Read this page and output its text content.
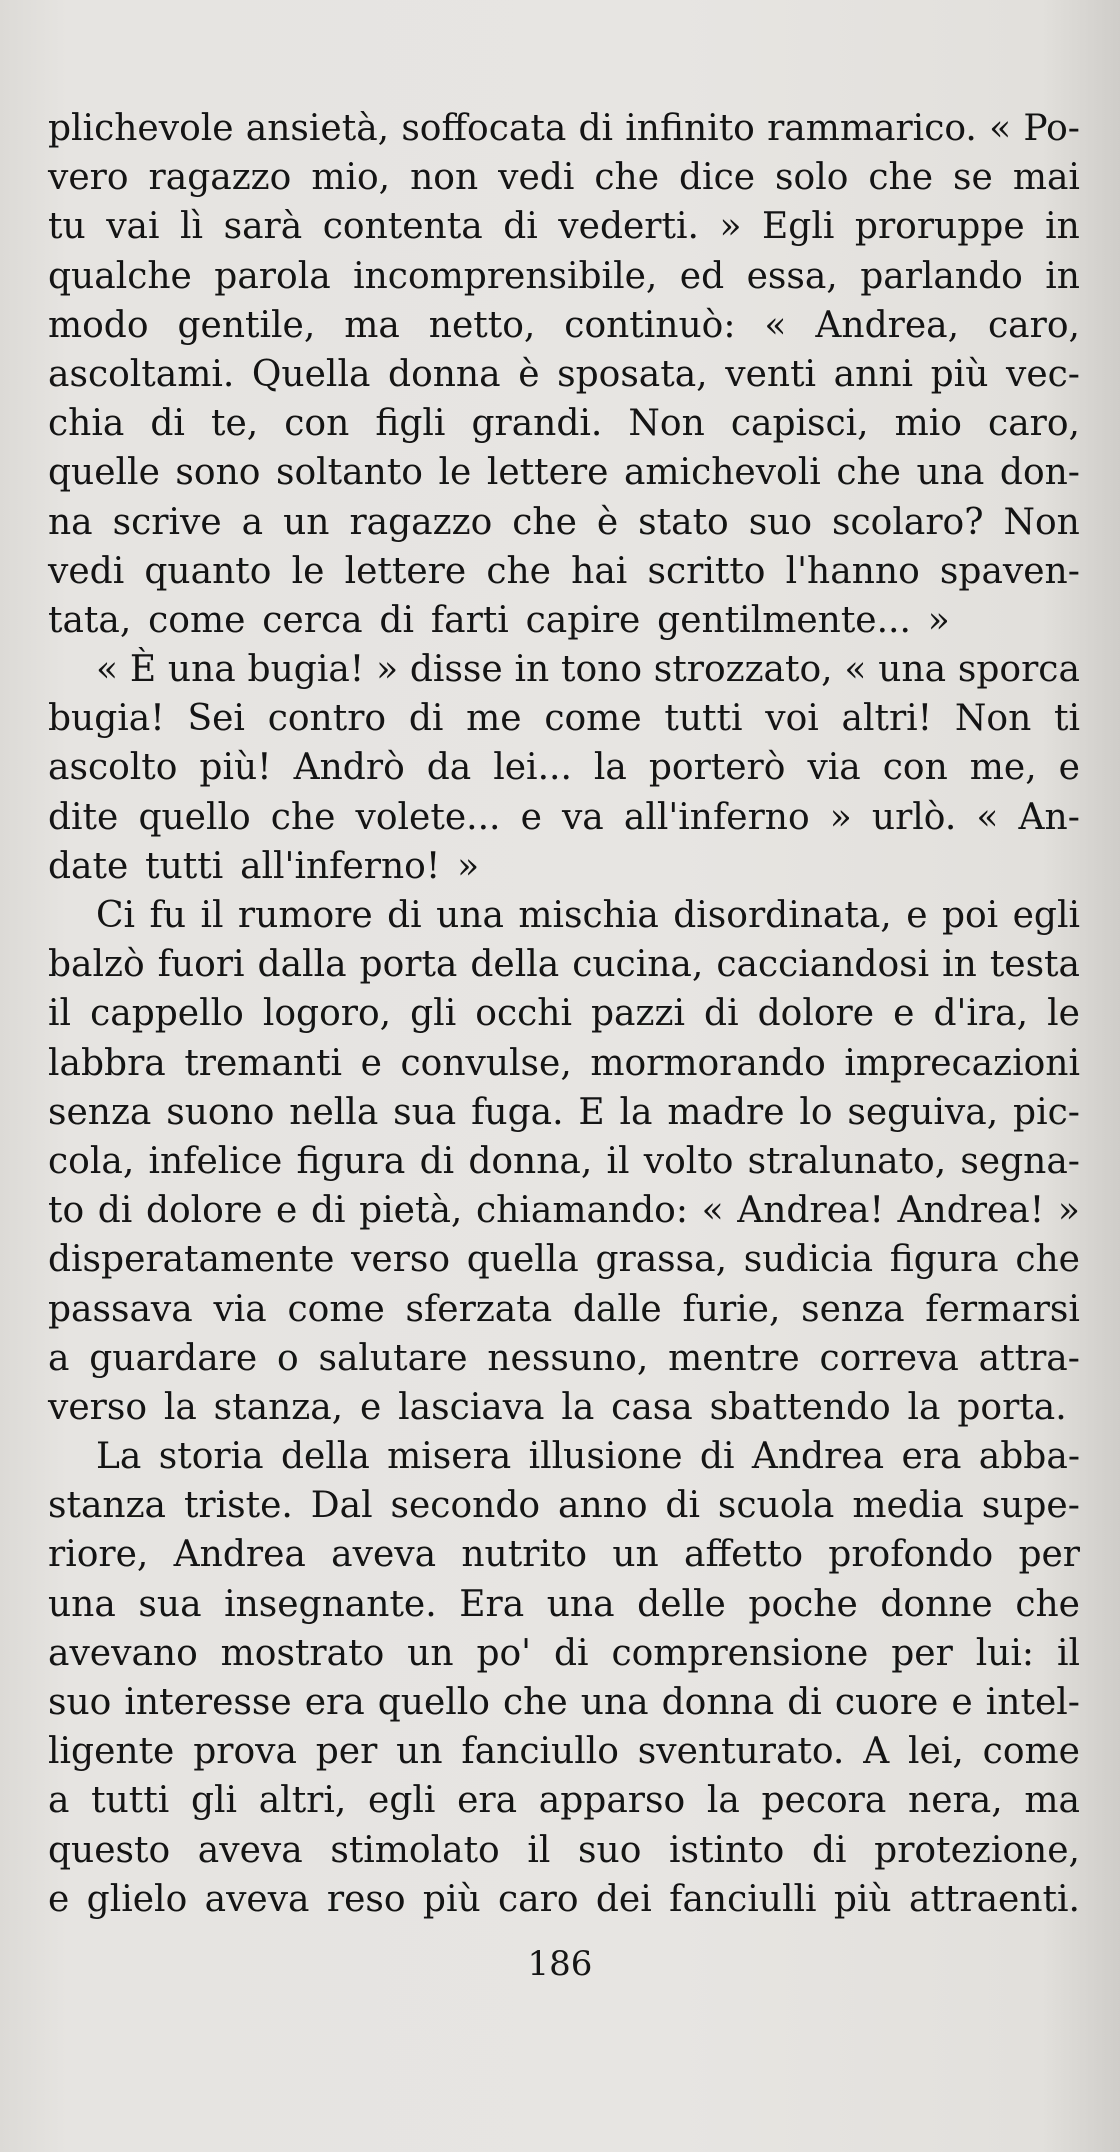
plichevole ansietà, soffocata di infinito rammarico. « Po-
vero ragazzo mio, non vedi che dice solo che se mai
tu vai lì sarà contenta di vederti. » Egli proruppe in
qualche parola incomprensibile, ed essa, parlando in
modo gentile, ma netto, continuò: « Andrea, caro,
ascoltami. Quella donna è sposata, venti anni più vec-
chia di te, con figli grandi. Non capisci, mio caro,
quelle sono soltanto le lettere amichevoli che una don-
na scrive a un ragazzo che è stato suo scolaro? Non
vedi quanto le lettere che hai scritto l'hanno spaven-
tata, come cerca di farti capire gentilmente... »
« È una bugia! » disse in tono strozzato, « una sporca
bugia! Sei contro di me come tutti voi altri! Non ti
ascolto più! Andrò da lei... la porterò via con me, e
dite quello che volete... e va all'inferno » urlò. « An-
date tutti all'inferno! »
Ci fu il rumore di una mischia disordinata, e poi egli
balzò fuori dalla porta della cucina, cacciandosi in testa
il cappello logoro, gli occhi pazzi di dolore e d'ira, le
labbra tremanti e convulse, mormorando imprecazioni
senza suono nella sua fuga. E la madre lo seguiva, pic-
cola, infelice figura di donna, il volto stralunato, segna-
to di dolore e di pietà, chiamando: « Andrea! Andrea! »
disperatamente verso quella grassa, sudicia figura che
passava via come sferzata dalle furie, senza fermarsi
a guardare o salutare nessuno, mentre correva attra-
verso la stanza, e lasciava la casa sbattendo la porta.
La storia della misera illusione di Andrea era abba-
stanza triste. Dal secondo anno di scuola media supe-
riore, Andrea aveva nutrito un affetto profondo per
una sua insegnante. Era una delle poche donne che
avevano mostrato un po' di comprensione per lui: il
suo interesse era quello che una donna di cuore e intel-
ligente prova per un fanciullo sventurato. A lei, come
a tutti gli altri, egli era apparso la pecora nera, ma
questo aveva stimolato il suo istinto di protezione,
e glielo aveva reso più caro dei fanciulli più attraenti.
186
